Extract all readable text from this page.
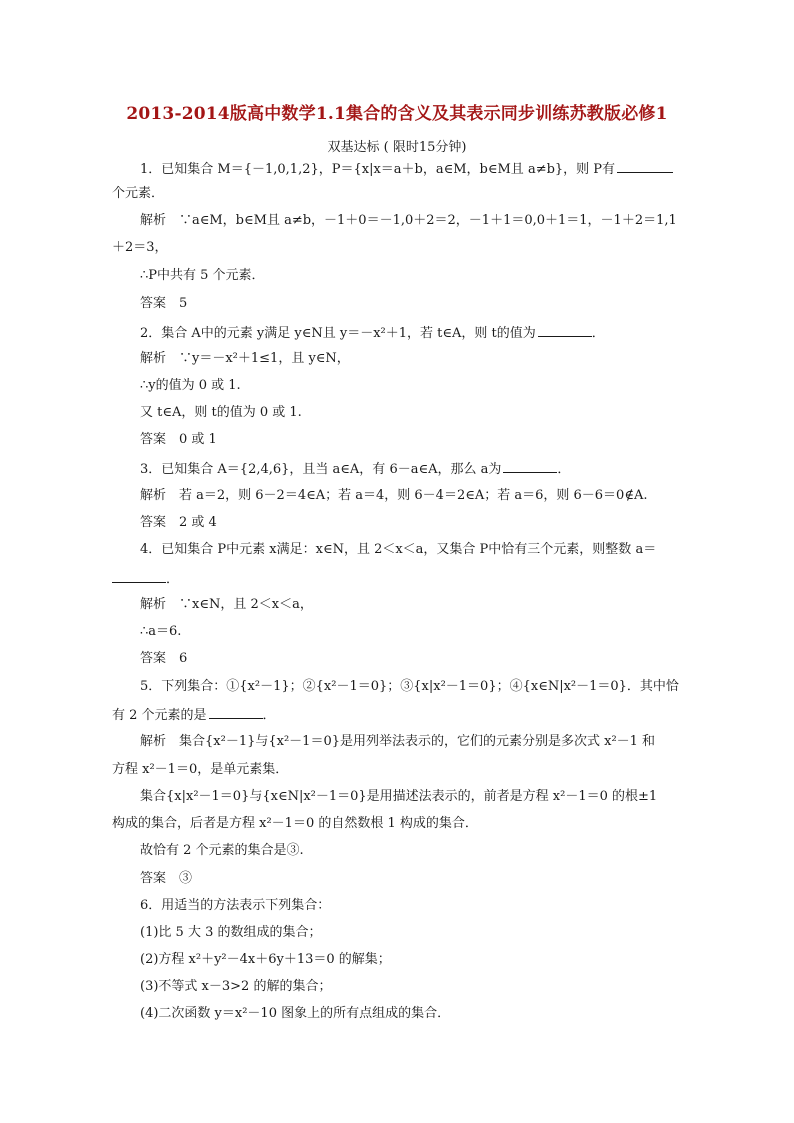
2013-2014版高中数学1.1集合的含义及其表示同步训练苏教版必修1
双基达标 ( 限时15分钟)
1．已知集合 M＝{－1,0,1,2}，P＝{x|x＝a＋b，a∈M，b∈M且 a≠b}，则 P有
个元素．
解析　∵a∈M，b∈M且 a≠b，－1＋0＝－1,0＋2＝2，－1＋1＝0,0＋1＝1，－1＋2＝1,1
＋2＝3，
∴P中共有 5 个元素．
答案　5
2．集合 A中的元素 y满足 y∈N且 y＝－x²＋1，若 t∈A，则 t的值为	．
解析　∵y＝－x²＋1≤1，且 y∈N，
∴y的值为 0 或 1.
又 t∈A，则 t的值为 0 或 1.
答案　0 或 1
3．已知集合 A＝{2,4,6}，且当 a∈A，有 6－a∈A，那么 a为	．
解析　若 a＝2，则 6－2＝4∈A；若 a＝4，则 6－4＝2∈A；若 a＝6，则 6－6＝0∉A.
答案　2 或 4
4．已知集合 P中元素 x满足：x∈N，且 2＜x＜a，又集合 P中恰有三个元素，则整数 a＝
．
解析　∵x∈N，且 2＜x＜a，
∴a＝6.
答案　6
5．下列集合：①{x²－1}；②{x²－1＝0}；③{x|x²－1＝0}；④{x∈N|x²－1＝0}．其中恰
有 2 个元素的是	．
解析　集合{x²－1}与{x²－1＝0}是用列举法表示的，它们的元素分别是多次式 x²－1 和
方程 x²－1＝0，是单元素集．
集合{x|x²－1＝0}与{x∈N|x²－1＝0}是用描述法表示的，前者是方程 x²－1＝0 的根±1
构成的集合，后者是方程 x²－1＝0 的自然数根 1 构成的集合．
故恰有 2 个元素的集合是③.
答案　③
6．用适当的方法表示下列集合：
(1)比 5 大 3 的数组成的集合；
(2)方程 x²＋y²－4x＋6y＋13＝0 的解集；
(3)不等式 x－3>2 的解的集合；
(4)二次函数 y＝x²－10 图象上的所有点组成的集合．
